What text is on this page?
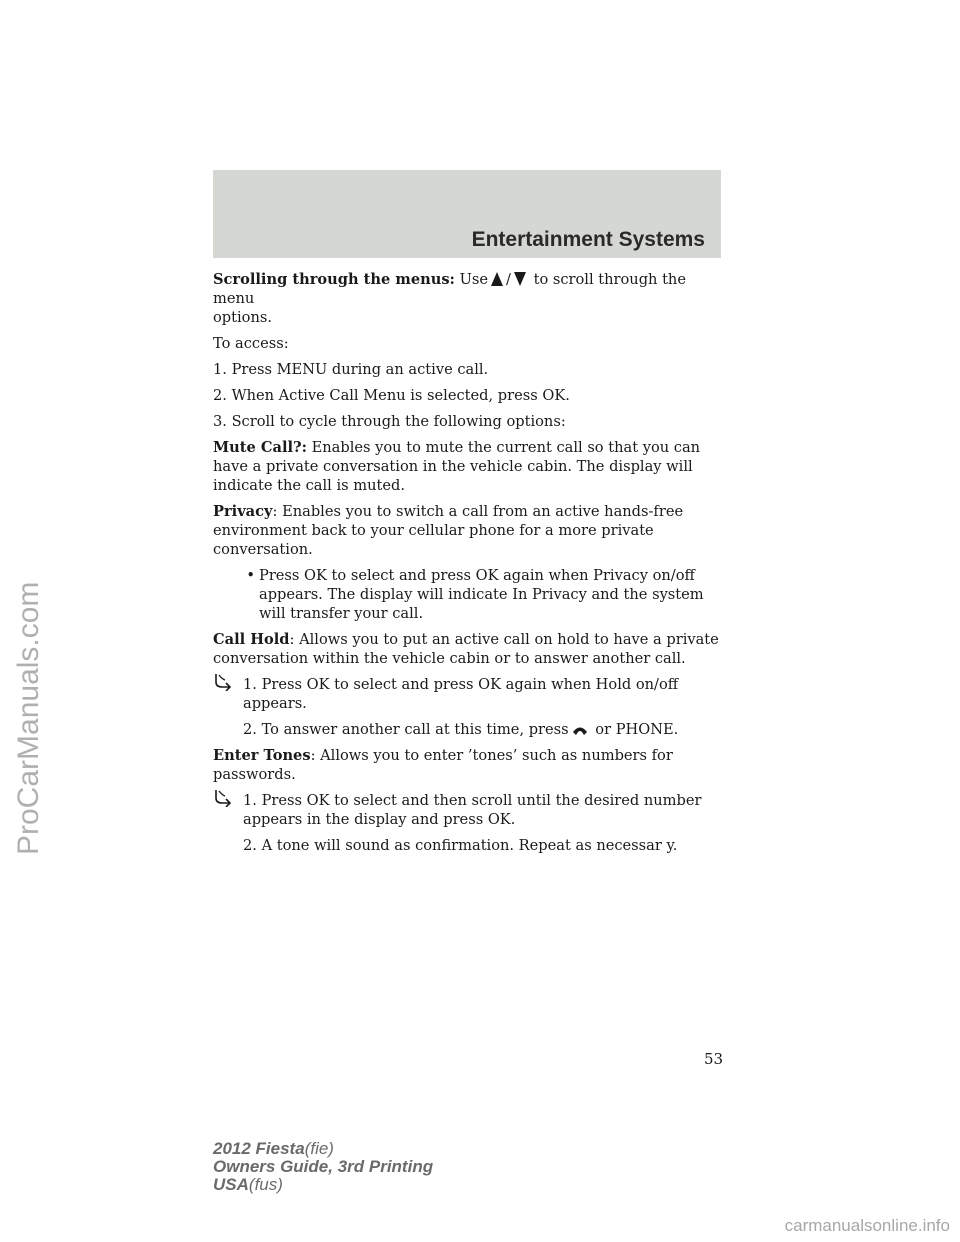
Entertainment Systems

Scrolling through the menus: Use / to scroll through the menu
options.

To access:

1. Press MENU during an active call.

2. When Active Call Menu is selected, press OK.

3. Scroll to cycle through the following options:

Mute Call?: Enables you to mute the current call so that you can have a private conversation in the vehicle cabin. The display will indicate the call is muted.

Privacy: Enables you to switch a call from an active hands-free environment back to your cellular phone for a more private conversation.

• Press OK to select and press OK again when Privacy on/off appears. The display will indicate In Privacy and the system will transfer your call.

Call Hold: Allows you to put an active call on hold to have a private conversation within the vehicle cabin or to answer another call.

1. Press OK to select and press OK again when Hold on/off appears.

2. To answer another call at this time, press or PHONE.

Enter Tones: Allows you to enter ’tones’ such as numbers for passwords.

1. Press OK to select and then scroll until the desired number appears in the display and press OK.

2. A tone will sound as confirmation. Repeat as necessar y.

53
2012 Fiesta(fie)
Owners Guide, 3rd Printing
USA(fus)
ProCarManuals.com
carmanualsonline.info
